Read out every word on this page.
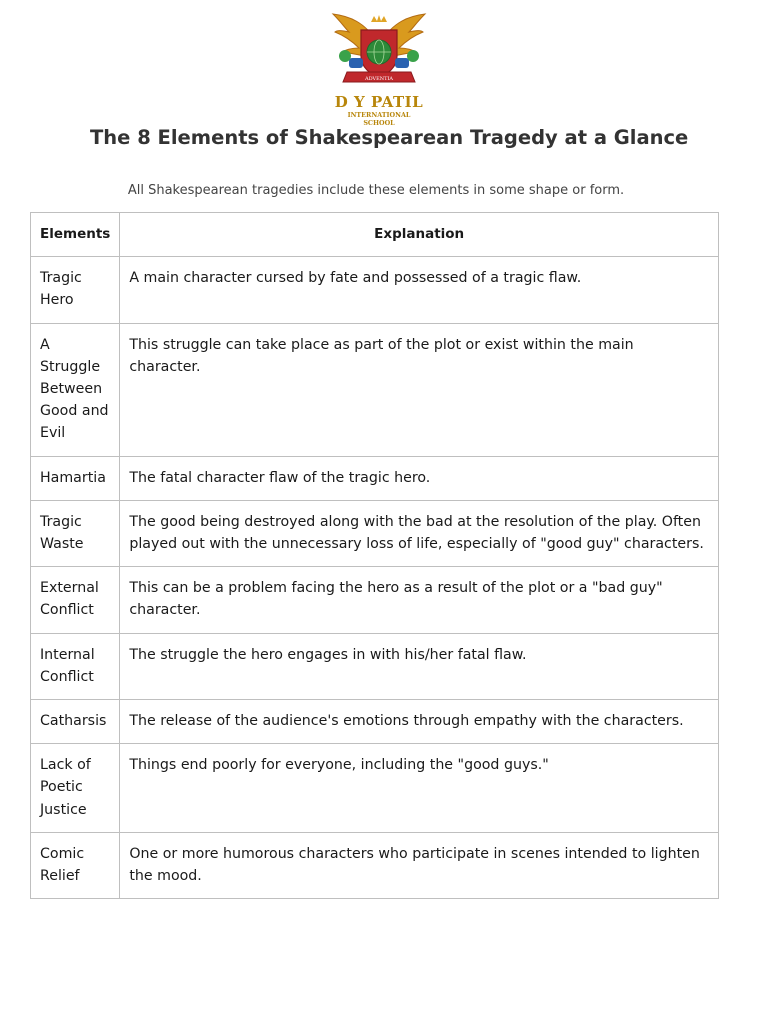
ADVENTIA
D Y PATIL
INTERNATIONAL SCHOOL
The 8 Elements of Shakespearean Tragedy at a Glance
All Shakespearean tragedies include these elements in some shape or form.
Elements	Explanation
Tragic Hero	A main character cursed by fate and possessed of a tragic flaw.
A Struggle Between Good and Evil	This struggle can take place as part of the plot or exist within the main character.
Hamartia	The fatal character flaw of the tragic hero.
Tragic Waste	The good being destroyed along with the bad at the resolution of the play. Often played out with the unnecessary loss of life, especially of "good guy" characters.
External Conflict	This can be a problem facing the hero as a result of the plot or a "bad guy" character.
Internal Conflict	The struggle the hero engages in with his/her fatal flaw.
Catharsis	The release of the audience's emotions through empathy with the characters.
Lack of Poetic Justice	Things end poorly for everyone, including the "good guys."
Comic Relief	One or more humorous characters who participate in scenes intended to lighten the mood.
